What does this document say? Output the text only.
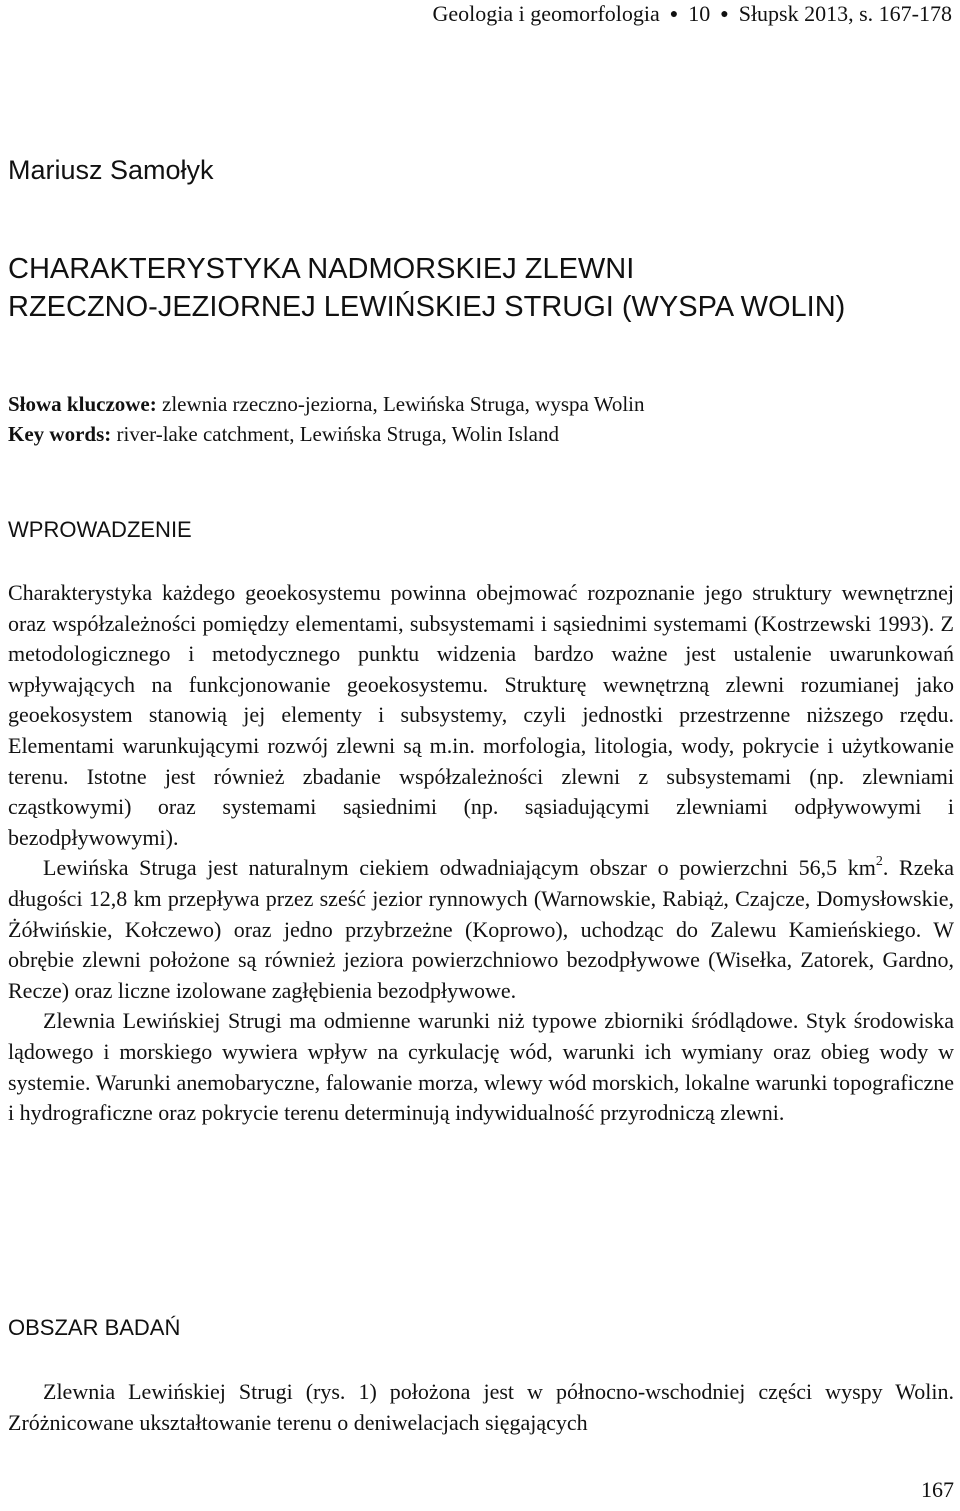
Geologia i geomorfologia ● 10 ● Słupsk 2013, s. 167-178
Mariusz Samołyk
CHARAKTERYSTYKA NADMORSKIEJ ZLEWNI
RZECZNO-JEZIORNEJ LEWIŃSKIEJ STRUGI (WYSPA WOLIN)
Słowa kluczowe: zlewnia rzeczno-jeziorna, Lewińska Struga, wyspa Wolin
Key words: river-lake catchment, Lewińska Struga, Wolin Island
WPROWADZENIE

Charakterystyka każdego geoekosystemu powinna obejmować rozpoznanie jego struktury wewnętrznej oraz współzależności pomiędzy elementami, subsystemami i sąsiednimi systemami (Kostrzewski 1993). Z metodologicznego i metodycznego punktu widzenia bardzo ważne jest ustalenie uwarunkowań wpływających na funkcjonowanie geoekosystemu. Strukturę wewnętrzną zlewni rozumianej jako geoekosystem stanowią jej elementy i subsystemy, czyli jednostki przestrzenne niższego rzędu. Elementami warunkującymi rozwój zlewni są m.in. morfologia, litologia, wody, pokrycie i użytkowanie terenu. Istotne jest również zbadanie współzależności zlewni z subsystemami (np. zlewniami cząstkowymi) oraz systemami sąsiednimi (np. sąsiadującymi zlewniami odpływowymi i bezodpływowymi).

Lewińska Struga jest naturalnym ciekiem odwadniającym obszar o powierzchni 56,5 $km^2$. Rzeka długości 12,8 km przepływa przez sześć jezior rynnowych (Warnowskie, Rabiąż, Czajcze, Domysłowskie, Żółwińskie, Kołczewo) oraz jedno przybrzeżne (Koprowo), uchodząc do Zalewu Kamieńskiego. W obrębie zlewni położone są również jeziora powierzchniowo bezodpływowe (Wisełka, Zatorek, Gardno, Recze) oraz liczne izolowane zagłębienia bezodpływowe.

Zlewnia Lewińskiej Strugi ma odmienne warunki niż typowe zbiorniki śródlądowe. Styk środowiska lądowego i morskiego wywiera wpływ na cyrkulację wód, warunki ich wymiany oraz obieg wody w systemie. Warunki anemobaryczne, falowanie morza, wlewy wód morskich, lokalne warunki topograficzne i hydrograficzne oraz pokrycie terenu determinują indywidualność przyrodniczą zlewni.

OBSZAR BADAŃ

Zlewnia Lewińskiej Strugi (rys. 1) położona jest w północno-wschodniej części wyspy Wolin. Zróżnicowane ukształtowanie terenu o deniwelacjach sięgających

167
